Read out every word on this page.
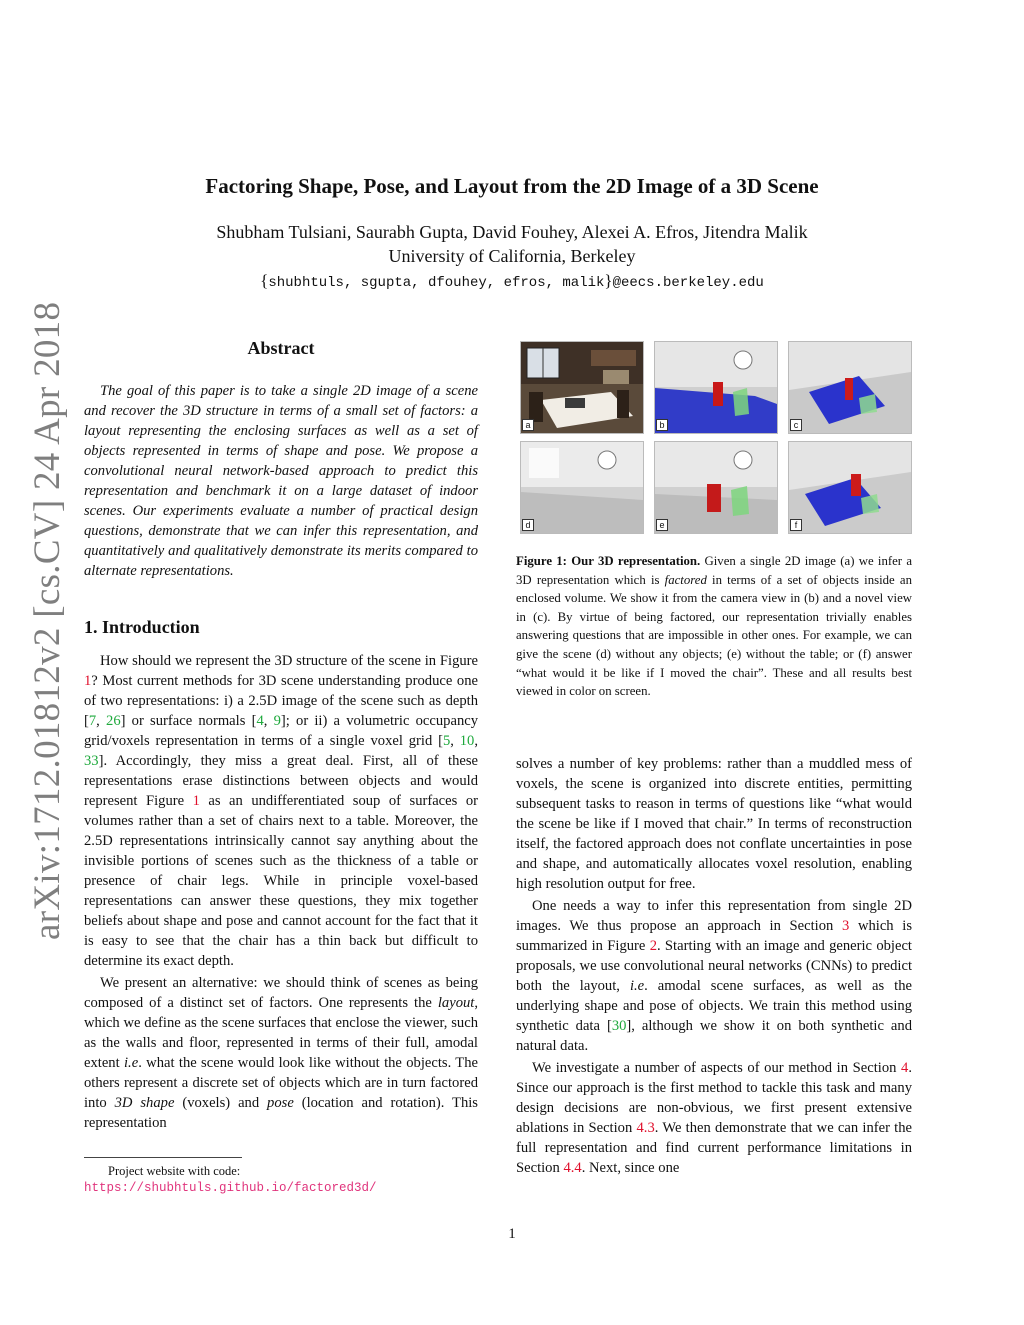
Factoring Shape, Pose, and Layout from the 2D Image of a 3D Scene
Shubham Tulsiani, Saurabh Gupta, David Fouhey, Alexei A. Efros, Jitendra Malik
University of California, Berkeley
{shubhtuls, sgupta, dfouhey, efros, malik}@eecs.berkeley.edu
arXiv:1712.01812v2 [cs.CV] 24 Apr 2018	Abstract

The goal of this paper is to take a single 2D image of a scene and recover the 3D structure in terms of a small set of factors: a layout representing the enclosing surfaces as well as a set of objects represented in terms of shape and pose. We propose a convolutional neural network-based approach to predict this representation and benchmark it on a large dataset of indoor scenes. Our experiments evaluate a number of practical design questions, demonstrate that we can infer this representation, and quantitatively and qualitatively demonstrate its merits compared to alternate representations.

1. Introduction

How should we represent the 3D structure of the scene in Figure 1? Most current methods for 3D scene understanding produce one of two representations: i) a 2.5D image of the scene such as depth [7, 26] or surface normals [4, 9]; or ii) a volumetric occupancy grid/voxels representation in terms of a single voxel grid [5, 10, 33]. Accordingly, they miss a great deal. First, all of these representations erase distinctions between objects and would represent Figure 1 as an undifferentiated soup of surfaces or volumes rather than a set of chairs next to a table. Moreover, the 2.5D representations intrinsically cannot say anything about the invisible portions of scenes such as the thickness of a table or presence of chair legs. While in principle voxel-based representations can answer these questions, they mix together beliefs about shape and pose and cannot account for the fact that it is easy to see that the chair has a thin back but difficult to determine its exact depth.

We present an alternative: we should think of scenes as being composed of a distinct set of factors. One represents the layout, which we define as the scene surfaces that enclose the viewer, such as the walls and floor, represented in terms of their full, amodal extent i.e. what the scene would look like without the objects. The others represent a discrete set of objects which are in turn factored into 3D shape (voxels) and pose (location and rotation). This representation

Project website with code: https://shubhtuls.github.io/factored3d/
a	b	c
d	e	f
Figure 1: Our 3D representation. Given a single 2D image (a) we infer a 3D representation which is factored in terms of a set of objects inside an enclosed volume. We show it from the camera view in (b) and a novel view in (c). By virtue of being factored, our representation trivially enables answering questions that are impossible in other ones. For example, we can give the scene (d) without any objects; (e) without the table; or (f) answer “what would it be like if I moved the chair”. These and all results best viewed in color on screen.

solves a number of key problems: rather than a muddled mess of voxels, the scene is organized into discrete entities, permitting subsequent tasks to reason in terms of questions like “what would the scene be like if I moved that chair.” In terms of reconstruction itself, the factored approach does not conflate uncertainties in pose and shape, and automatically allocates voxel resolution, enabling high resolution output for free.

One needs a way to infer this representation from single 2D images. We thus propose an approach in Section 3 which is summarized in Figure 2. Starting with an image and generic object proposals, we use convolutional neural networks (CNNs) to predict both the layout, i.e. amodal scene surfaces, as well as the underlying shape and pose of objects. We train this method using synthetic data [30], although we show it on both synthetic and natural data.

We investigate a number of aspects of our method in Section 4. Since our approach is the first method to tackle this task and many design decisions are non-obvious, we first present extensive ablations in Section 4.3. We then demonstrate that we can infer the full representation and find current performance limitations in Section 4.4. Next, since one

1
